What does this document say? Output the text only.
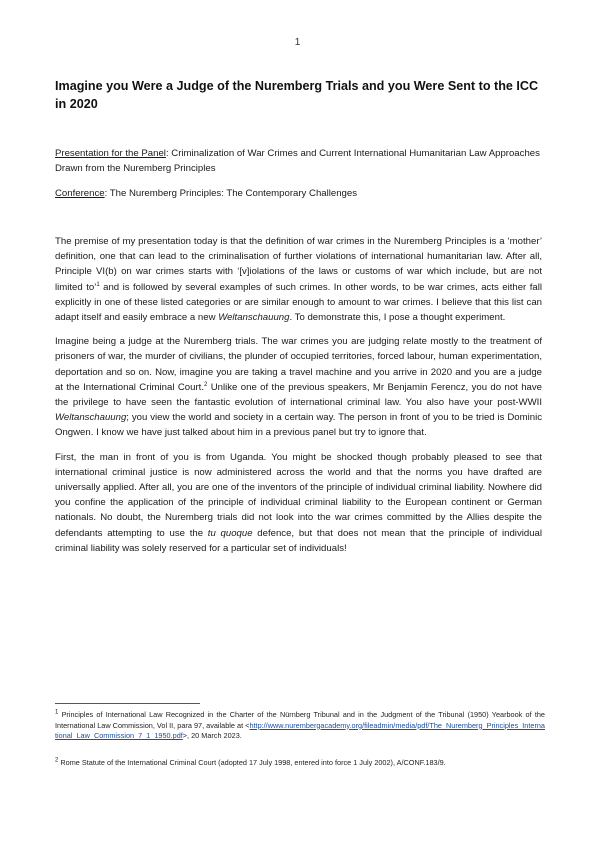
1
Imagine you Were a Judge of the Nuremberg Trials and you Were Sent to the ICC in 2020
Presentation for the Panel: Criminalization of War Crimes and Current International Humanitarian Law Approaches Drawn from the Nuremberg Principles
Conference: The Nuremberg Principles: The Contemporary Challenges

The premise of my presentation today is that the definition of war crimes in the Nuremberg Principles is a ‘mother’ definition, one that can lead to the criminalisation of further violations of international humanitarian law. After all, Principle VI(b) on war crimes starts with ‘[v]iolations of the laws or customs of war which include, but are not limited to’$^1$ and is followed by several examples of such crimes. In other words, to be war crimes, acts either fall explicitly in one of these listed categories or are similar enough to amount to war crimes. I believe that this list can adapt itself and easily embrace a new Weltanschauung. To demonstrate this, I pose a thought experiment.

Imagine being a judge at the Nuremberg trials. The war crimes you are judging relate mostly to the treatment of prisoners of war, the murder of civilians, the plunder of occupied territories, forced labour, human experimentation, deportation and so on. Now, imagine you are taking a travel machine and you arrive in 2020 and you are a judge at the International Criminal Court.$^2$ Unlike one of the previous speakers, Mr Benjamin Ferencz, you do not have the privilege to have seen the fantastic evolution of international criminal law. You also have your post-WWII Weltanschauung; you view the world and society in a certain way. The person in front of you to be tried is Dominic Ongwen. I know we have just talked about him in a previous panel but try to ignore that.

First, the man in front of you is from Uganda. You might be shocked though probably pleased to see that international criminal justice is now administered across the world and that the norms you have drafted are universally applied. After all, you are one of the inventors of the principle of individual criminal liability. Nowhere did you confine the application of the principle of individual criminal liability to the European continent or German nationals. No doubt, the Nuremberg trials did not look into the war crimes committed by the Allies despite the defendants attempting to use the tu quoque defence, but that does not mean that the principle of individual criminal liability was solely reserved for a particular set of individuals!

$^1$ Principles of International Law Recognized in the Charter of the Nürnberg Tribunal and in the Judgment of the Tribunal (1950) Yearbook of the International Law Commission, Vol II, para 97, available at <http://www.nurembergacademy.org/fileadmin/media/pdf/The_Nuremberg_Principles_International_Law_Commission_7_1_1950.pdf>, 20 March 2023.
$^2$ Rome Statute of the International Criminal Court (adopted 17 July 1998, entered into force 1 July 2002), A/CONF.183/9.
